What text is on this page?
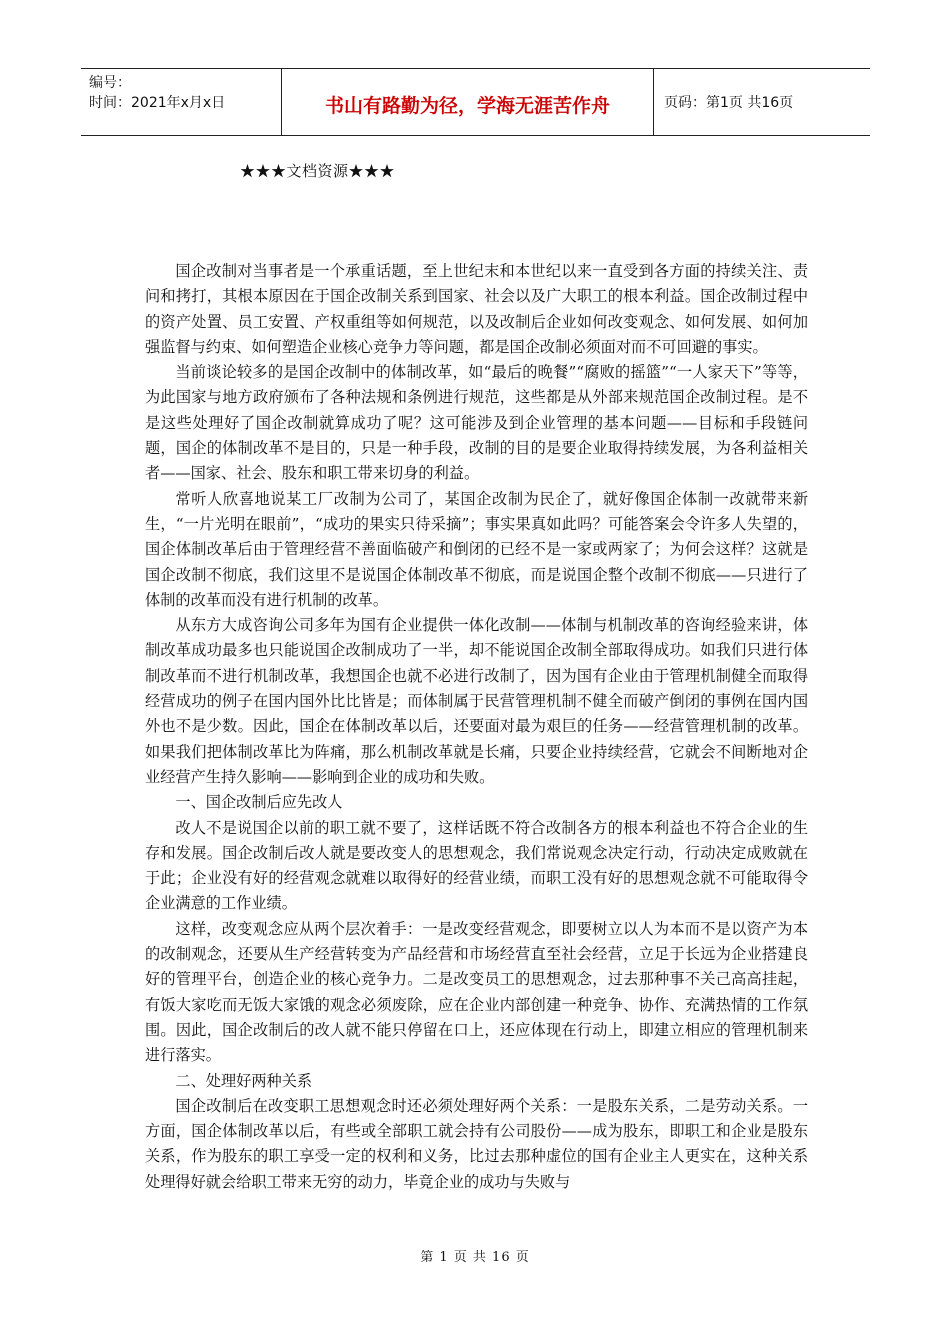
编号：
时间：2021年x月x日	书山有路勤为径，学海无涯苦作舟	页码：第1页 共16页
★★★文档资源★★★

国企改制对当事者是一个承重话题，至上世纪末和本世纪以来一直受到各方面的持续关注、责问和拷打，其根本原因在于国企改制关系到国家、社会以及广大职工的根本利益。国企改制过程中的资产处置、员工安置、产权重组等如何规范，以及改制后企业如何改变观念、如何发展、如何加强监督与约束、如何塑造企业核心竞争力等问题，都是国企改制必须面对而不可回避的事实。

当前谈论较多的是国企改制中的体制改革，如“最后的晚餐”“腐败的摇篮”“一人家天下”等等，为此国家与地方政府颁布了各种法规和条例进行规范，这些都是从外部来规范国企改制过程。是不是这些处理好了国企改制就算成功了呢？这可能涉及到企业管理的基本问题——目标和手段链问题，国企的体制改革不是目的，只是一种手段，改制的目的是要企业取得持续发展，为各利益相关者——国家、社会、股东和职工带来切身的利益。

常听人欣喜地说某工厂改制为公司了，某国企改制为民企了，就好像国企体制一改就带来新生，“一片光明在眼前”，“成功的果实只待采摘”；事实果真如此吗？可能答案会令许多人失望的，国企体制改革后由于管理经营不善面临破产和倒闭的已经不是一家或两家了；为何会这样？这就是国企改制不彻底，我们这里不是说国企体制改革不彻底，而是说国企整个改制不彻底——只进行了体制的改革而没有进行机制的改革。

从东方大成咨询公司多年为国有企业提供一体化改制——体制与机制改革的咨询经验来讲，体制改革成功最多也只能说国企改制成功了一半，却不能说国企改制全部取得成功。如我们只进行体制改革而不进行机制改革，我想国企也就不必进行改制了，因为国有企业由于管理机制健全而取得经营成功的例子在国内国外比比皆是；而体制属于民营管理机制不健全而破产倒闭的事例在国内国外也不是少数。因此，国企在体制改革以后，还要面对最为艰巨的任务——经营管理机制的改革。如果我们把体制改革比为阵痛，那么机制改革就是长痛，只要企业持续经营，它就会不间断地对企业经营产生持久影响——影响到企业的成功和失败。

一、国企改制后应先改人

改人不是说国企以前的职工就不要了，这样话既不符合改制各方的根本利益也不符合企业的生存和发展。国企改制后改人就是要改变人的思想观念，我们常说观念决定行动，行动决定成败就在于此；企业没有好的经营观念就难以取得好的经营业绩，而职工没有好的思想观念就不可能取得令企业满意的工作业绩。

这样，改变观念应从两个层次着手：一是改变经营观念，即要树立以人为本而不是以资产为本的改制观念，还要从生产经营转变为产品经营和市场经营直至社会经营，立足于长远为企业搭建良好的管理平台，创造企业的核心竞争力。二是改变员工的思想观念，过去那种事不关己高高挂起，有饭大家吃而无饭大家饿的观念必须废除，应在企业内部创建一种竞争、协作、充满热情的工作氛围。因此，国企改制后的改人就不能只停留在口上，还应体现在行动上，即建立相应的管理机制来进行落实。

二、处理好两种关系

国企改制后在改变职工思想观念时还必须处理好两个关系：一是股东关系，二是劳动关系。一方面，国企体制改革以后，有些或全部职工就会持有公司股份——成为股东，即职工和企业是股东关系，作为股东的职工享受一定的权利和义务，比过去那种虚位的国有企业主人更实在，这种关系处理得好就会给职工带来无穷的动力，毕竟企业的成功与失败与

第 1 页 共 16 页
